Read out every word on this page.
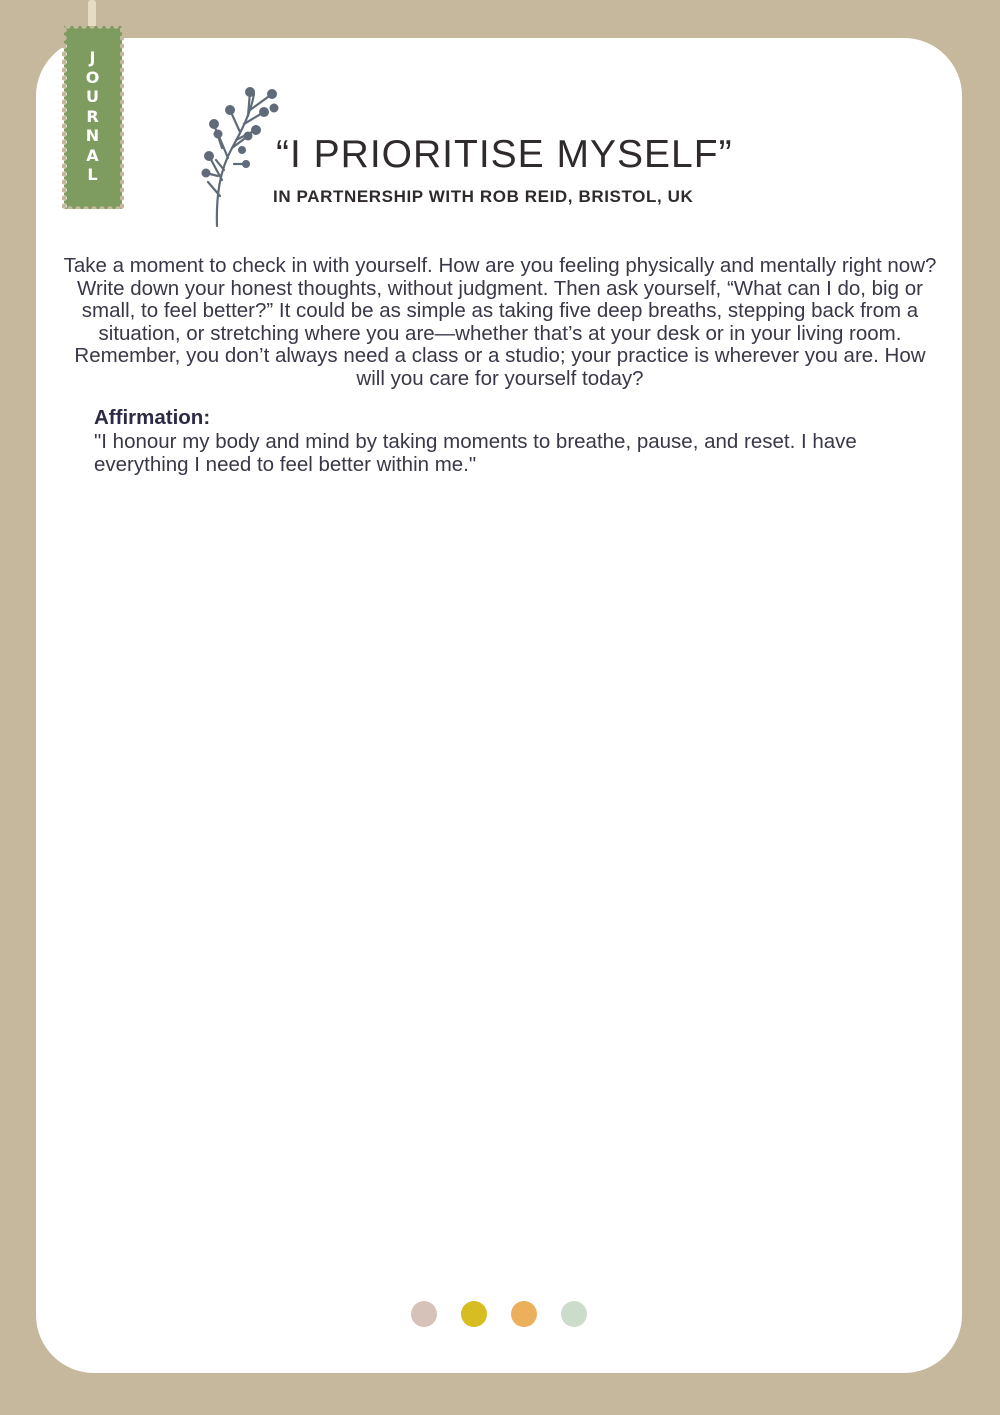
J
O
U
R
N
A
L	“I PRIORITISE MYSELF”
IN PARTNERSHIP WITH ROB REID, BRISTOL, UK

Take a moment to check in with yourself. How are you feeling physically and mentally right now? Write down your honest thoughts, without judgment. Then ask yourself, “What can I do, big or small, to feel better?” It could be as simple as taking five deep breaths, stepping back from a situation, or stretching where you are—whether that’s at your desk or in your living room. Remember, you don’t always need a class or a studio; your practice is wherever you are. How will you care for yourself today?

Affirmation:

"I honour my body and mind by taking moments to breathe, pause, and reset. I have everything I need to feel better within me."
